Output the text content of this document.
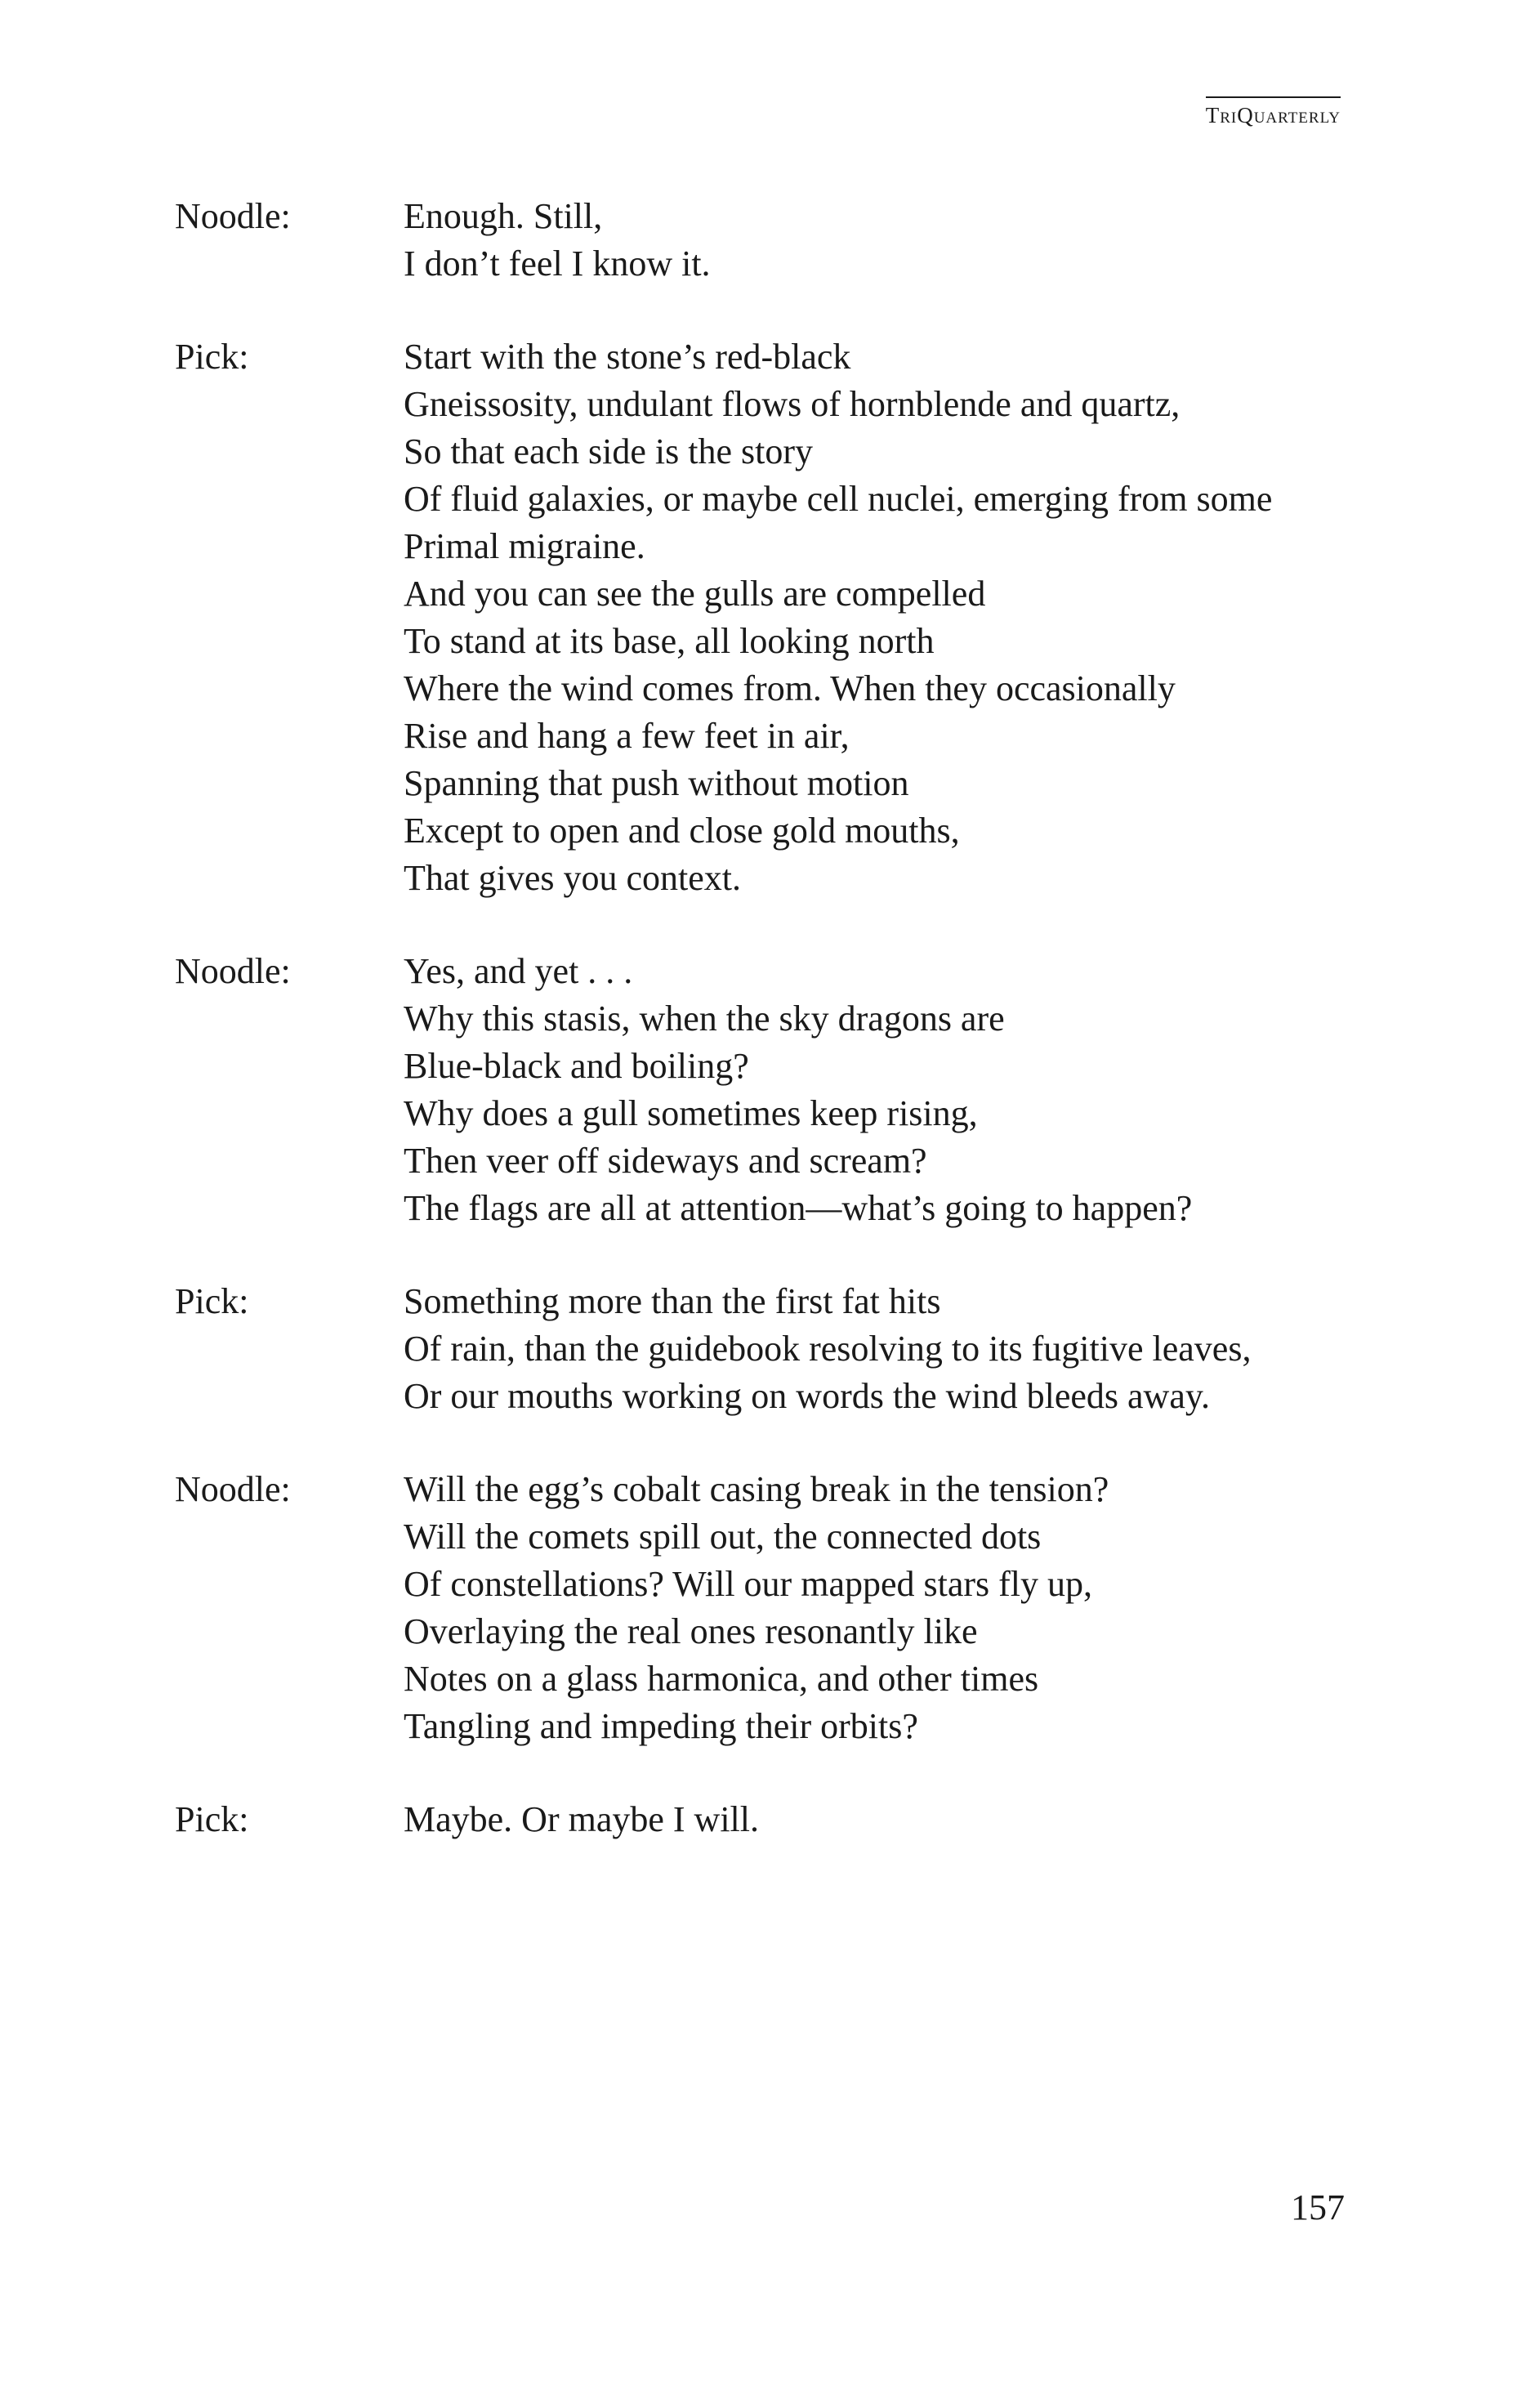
TriQuarterly
Noodle:	Enough. Still,
I don’t feel I know it.
Pick:	Start with the stone’s red-black
Gneissosity, undulant flows of hornblende and quartz,
So that each side is the story
Of fluid galaxies, or maybe cell nuclei, emerging from some
Primal migraine.
And you can see the gulls are compelled
To stand at its base, all looking north
Where the wind comes from. When they occasionally
Rise and hang a few feet in air,
Spanning that push without motion
Except to open and close gold mouths,
That gives you context.
Noodle:	Yes, and yet . . .
Why this stasis, when the sky dragons are
Blue-black and boiling?
Why does a gull sometimes keep rising,
Then veer off sideways and scream?
The flags are all at attention—what’s going to happen?
Pick:	Something more than the first fat hits
Of rain, than the guidebook resolving to its fugitive leaves,
Or our mouths working on words the wind bleeds away.
Noodle:	Will the egg’s cobalt casing break in the tension?
Will the comets spill out, the connected dots
Of constellations? Will our mapped stars fly up,
Overlaying the real ones resonantly like
Notes on a glass harmonica, and other times
Tangling and impeding their orbits?
Pick:	Maybe. Or maybe I will.
157
